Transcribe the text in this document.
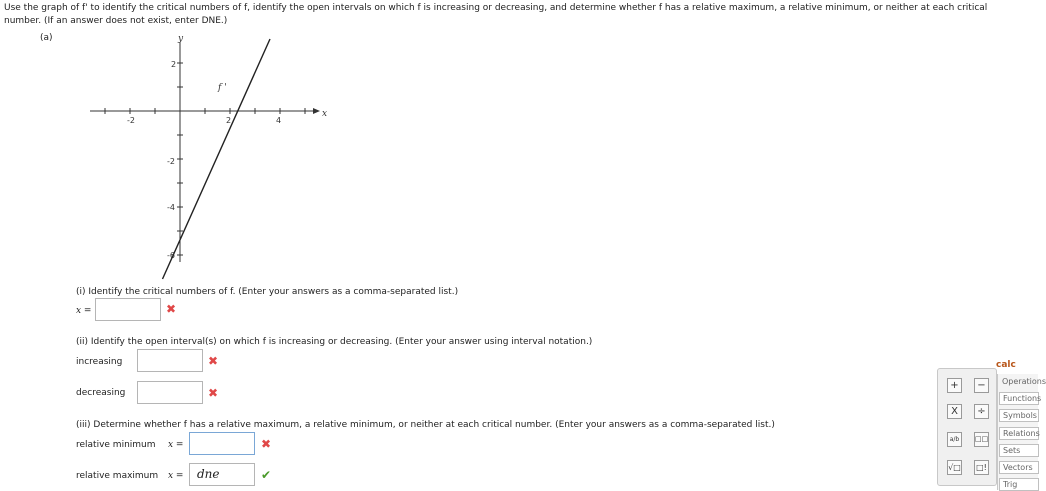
Use the graph of f' to identify the critical numbers of f, identify the open intervals on which f is increasing or decreasing, and determine whether f has a relative maximum, a relative minimum, or neither at each critical number. (If an answer does not exist, enter DNE.)
(a)	y
x
-2	2	4
2
-2
-4
-6
f '
(i) Identify the critical numbers of f. (Enter your answers as a comma-separated list.)
x =	✖
(ii) Identify the open interval(s) on which f is increasing or decreasing. (Enter your answer using interval notation.)
increasing	✖
decreasing	✖
(iii) Determine whether f has a relative maximum, a relative minimum, or neither at each critical number. (Enter your answers as a comma-separated list.)
relative minimum x =	✖
relative maximum x = dne	✔
+	−
X	÷
a/b	□□
√□ □!
calc
Operations
Functions
Symbols
Relations
Sets
Vectors
Trig
